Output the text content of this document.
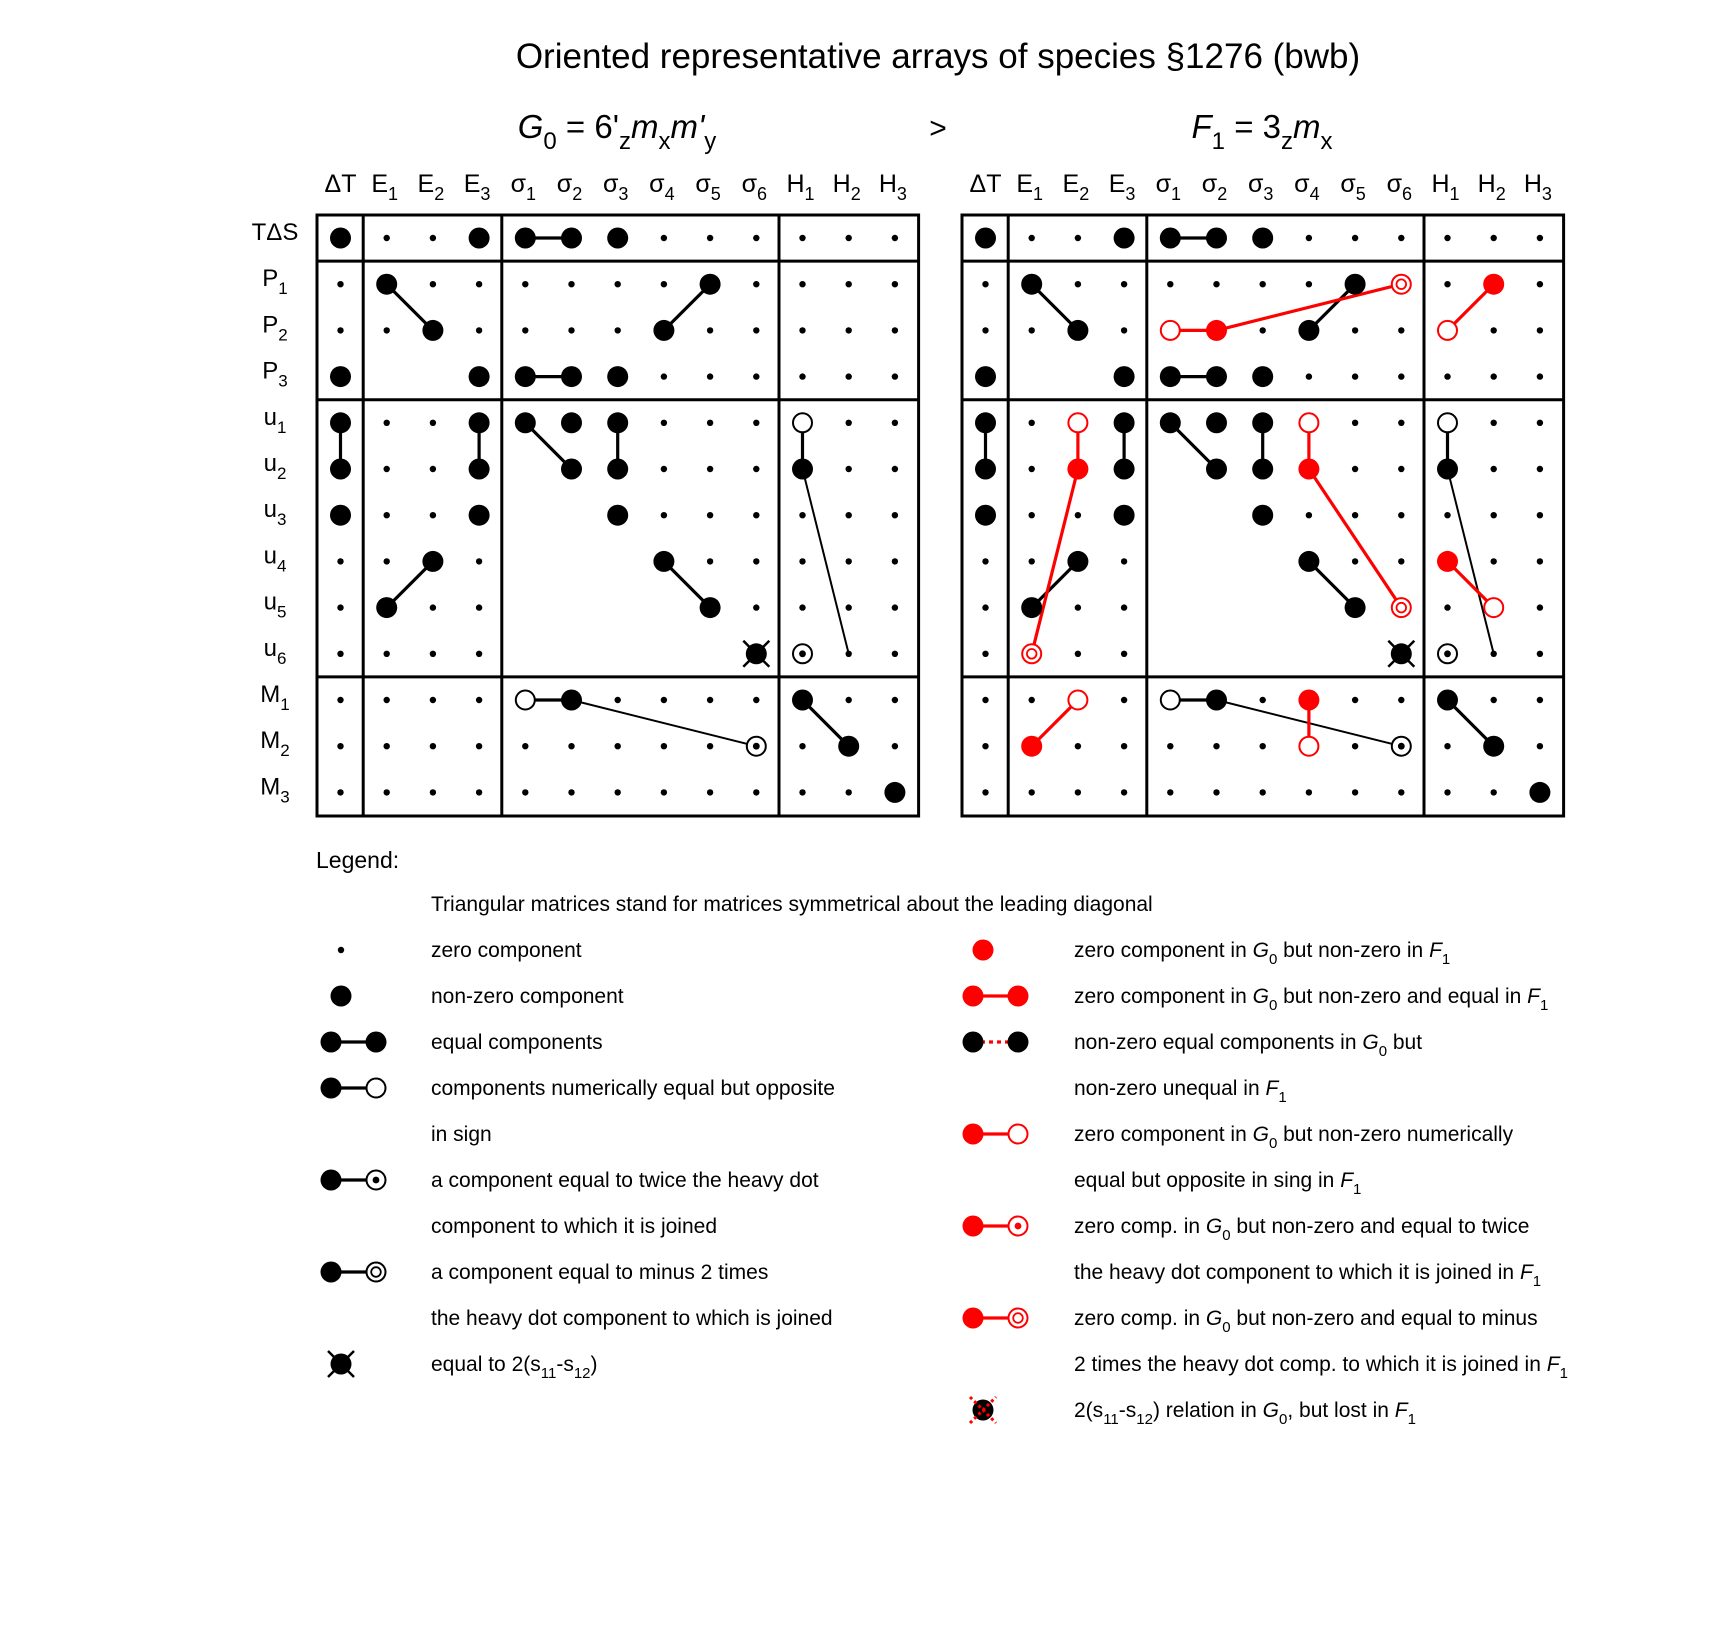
Oriented representative arrays of species §1276 (bwb)
>
$G_0 = 6'_zm_xm'_y$
ΔT $E_1$ $E_2$ $E_3$ $\sigma_1$ $\sigma_2$ $\sigma_3$ $\sigma_4$ $\sigma_5$ $\sigma_6$ $H_1$ $H_2$ $H_3$
TΔS
$P_1$
$P_2$
$P_3$
$u_1$
$u_2$
$u_3$
$u_4$
$u_5$
$u_6$
$M_1$
$M_2$
$M_3$
$F_1 = 3_zm_x$
ΔT $E_1$ $E_2$ $E_3$ $\sigma_1$ $\sigma_2$ $\sigma_3$ $\sigma_4$ $\sigma_5$ $\sigma_6$ $H_1$ $H_2$ $H_3$
Legend:
Triangular matrices stand for matrices symmetrical about the leading diagonal
zero component
non-zero component
equal components
components numerically equal but opposite
in sign
a component equal to twice the heavy dot
component to which it is joined
a component equal to minus 2 times
the heavy dot component to which is joined
equal to $2(s_{11}-s_{12})$
zero component in $G_0$ but non-zero in $F_1$
zero component in $G_0$ but non-zero and equal in $F_1$
non-zero equal components in $G_0$ but
non-zero unequal in $F_1$
zero component in $G_0$ but non-zero numerically
equal but opposite in sing in $F_1$
zero comp. in $G_0$ but non-zero and equal to twice
the heavy dot component to which it is joined in $F_1$
zero comp. in $G_0$ but non-zero and equal to minus
2 times the heavy dot comp. to which it is joined in $F_1$
$2(s_{11}-s_{12})$ relation in $G_0$, but lost in $F_1$
